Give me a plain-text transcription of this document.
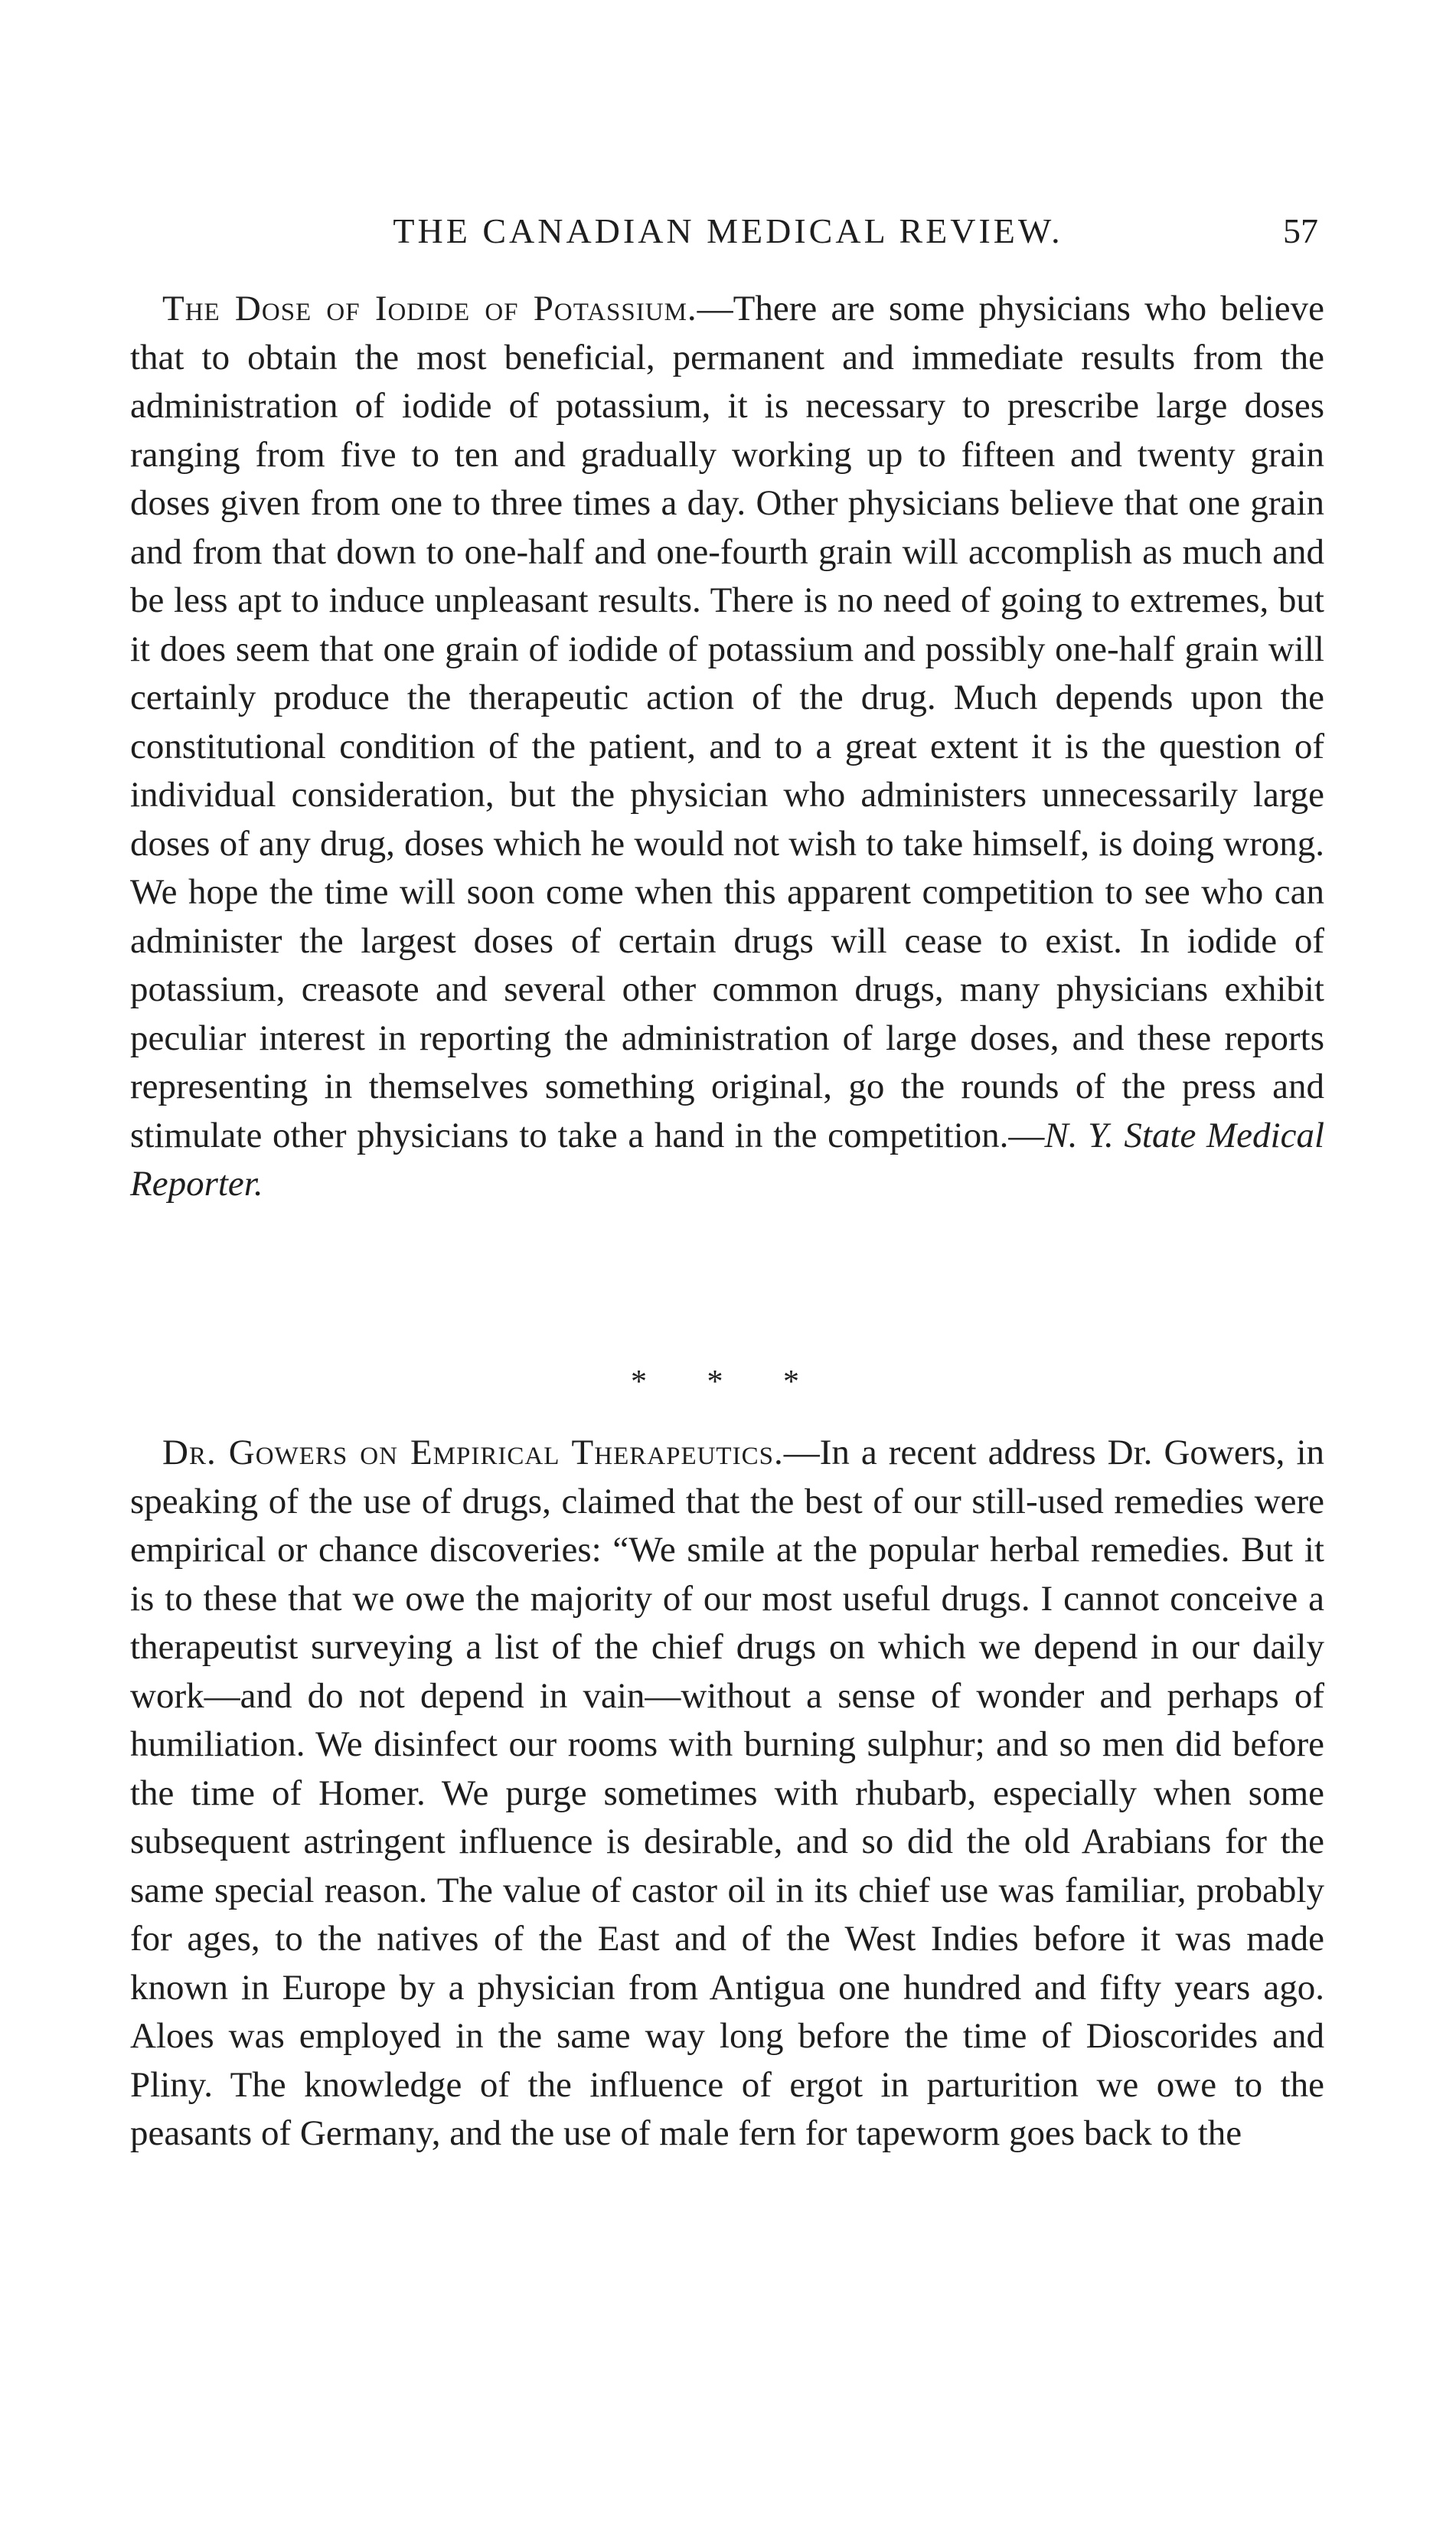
THE CANADIAN MEDICAL REVIEW.	57

The Dose of Iodide of Potassium.—There are some physicians who believe that to obtain the most beneficial, permanent and immediate results from the administration of iodide of potassium, it is necessary to prescribe large doses ranging from five to ten and gradually working up to fifteen and twenty grain doses given from one to three times a day. Other physicians believe that one grain and from that down to one-half and one-fourth grain will accomplish as much and be less apt to induce unpleasant results. There is no need of going to extremes, but it does seem that one grain of iodide of potassium and possibly one-half grain will certainly produce the therapeutic action of the drug. Much depends upon the constitutional condition of the patient, and to a great extent it is the question of individual consideration, but the physician who administers unnecessarily large doses of any drug, doses which he would not wish to take himself, is doing wrong. We hope the time will soon come when this apparent competition to see who can administer the largest doses of certain drugs will cease to exist. In iodide of potassium, creasote and several other common drugs, many physicians exhibit peculiar interest in reporting the administration of large doses, and these reports representing in themselves something original, go the rounds of the press and stimulate other physicians to take a hand in the competition.—N. Y. State Medical Reporter.

* * *

Dr. Gowers on Empirical Therapeutics.—In a recent address Dr. Gowers, in speaking of the use of drugs, claimed that the best of our still-used remedies were empirical or chance discoveries: “We smile at the popular herbal remedies. But it is to these that we owe the majority of our most useful drugs. I cannot conceive a therapeutist surveying a list of the chief drugs on which we depend in our daily work—and do not depend in vain—without a sense of wonder and perhaps of humiliation. We disinfect our rooms with burning sulphur; and so men did before the time of Homer. We purge sometimes with rhubarb, especially when some subsequent astringent influence is desirable, and so did the old Arabians for the same special reason. The value of castor oil in its chief use was familiar, probably for ages, to the natives of the East and of the West Indies before it was made known in Europe by a physician from Antigua one hundred and fifty years ago. Aloes was employed in the same way long before the time of Dioscorides and Pliny. The knowledge of the influence of ergot in parturition we owe to the peasants of Germany, and the use of male fern for tapeworm goes back to the
